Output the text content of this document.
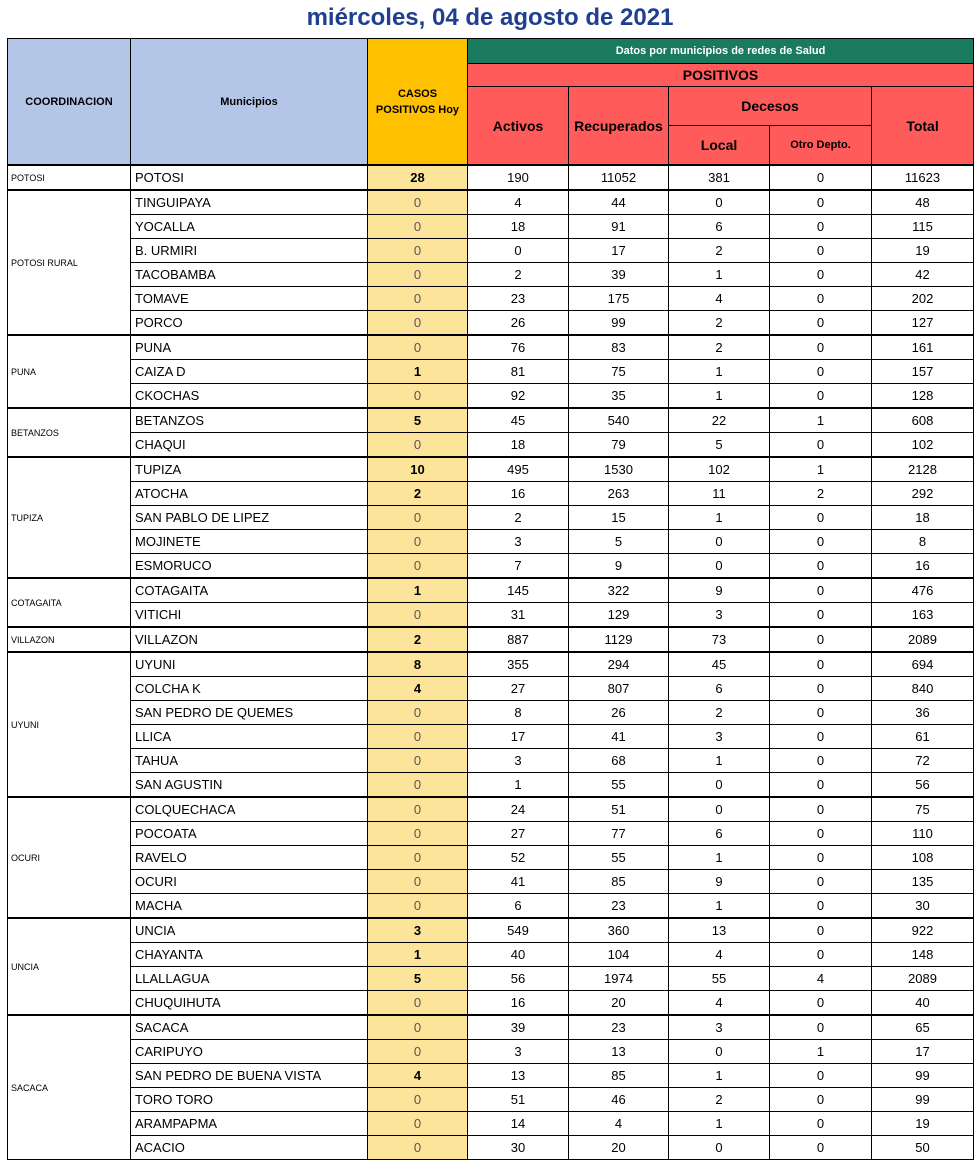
miércoles, 04 de agosto de 2021
COORDINACION	Municipios	CASOS POSITIVOS Hoy	Datos por municipios de redes de Salud				
			POSITIVOS				
			Activos	Recuperados	Decesos		Total
					Local	Otro Depto.	
POTOSI	POTOSI	28	190	11052	381	0	11623
POTOSI RURAL	TINGUIPAYA	0	4	44	0	0	48
	YOCALLA	0	18	91	6	0	115
	B. URMIRI	0	0	17	2	0	19
	TACOBAMBA	0	2	39	1	0	42
	TOMAVE	0	23	175	4	0	202
	PORCO	0	26	99	2	0	127
PUNA	PUNA	0	76	83	2	0	161
	CAIZA D	1	81	75	1	0	157
	CKOCHAS	0	92	35	1	0	128
BETANZOS	BETANZOS	5	45	540	22	1	608
	CHAQUI	0	18	79	5	0	102
TUPIZA	TUPIZA	10	495	1530	102	1	2128
	ATOCHA	2	16	263	11	2	292
	SAN PABLO DE LIPEZ	0	2	15	1	0	18
	MOJINETE	0	3	5	0	0	8
	ESMORUCO	0	7	9	0	0	16
COTAGAITA	COTAGAITA	1	145	322	9	0	476
	VITICHI	0	31	129	3	0	163
VILLAZON	VILLAZON	2	887	1129	73	0	2089
UYUNI	UYUNI	8	355	294	45	0	694
	COLCHA K	4	27	807	6	0	840
	SAN PEDRO DE QUEMES	0	8	26	2	0	36
	LLICA	0	17	41	3	0	61
	TAHUA	0	3	68	1	0	72
	SAN AGUSTIN	0	1	55	0	0	56
OCURI	COLQUECHACA	0	24	51	0	0	75
	POCOATA	0	27	77	6	0	110
	RAVELO	0	52	55	1	0	108
	OCURI	0	41	85	9	0	135
	MACHA	0	6	23	1	0	30
UNCIA	UNCIA	3	549	360	13	0	922
	CHAYANTA	1	40	104	4	0	148
	LLALLAGUA	5	56	1974	55	4	2089
	CHUQUIHUTA	0	16	20	4	0	40
SACACA	SACACA	0	39	23	3	0	65
	CARIPUYO	0	3	13	0	1	17
	SAN PEDRO DE BUENA VISTA	4	13	85	1	0	99
	TORO TORO	0	51	46	2	0	99
	ARAMPAPMA	0	14	4	1	0	19
	ACACIO	0	30	20	0	0	50
